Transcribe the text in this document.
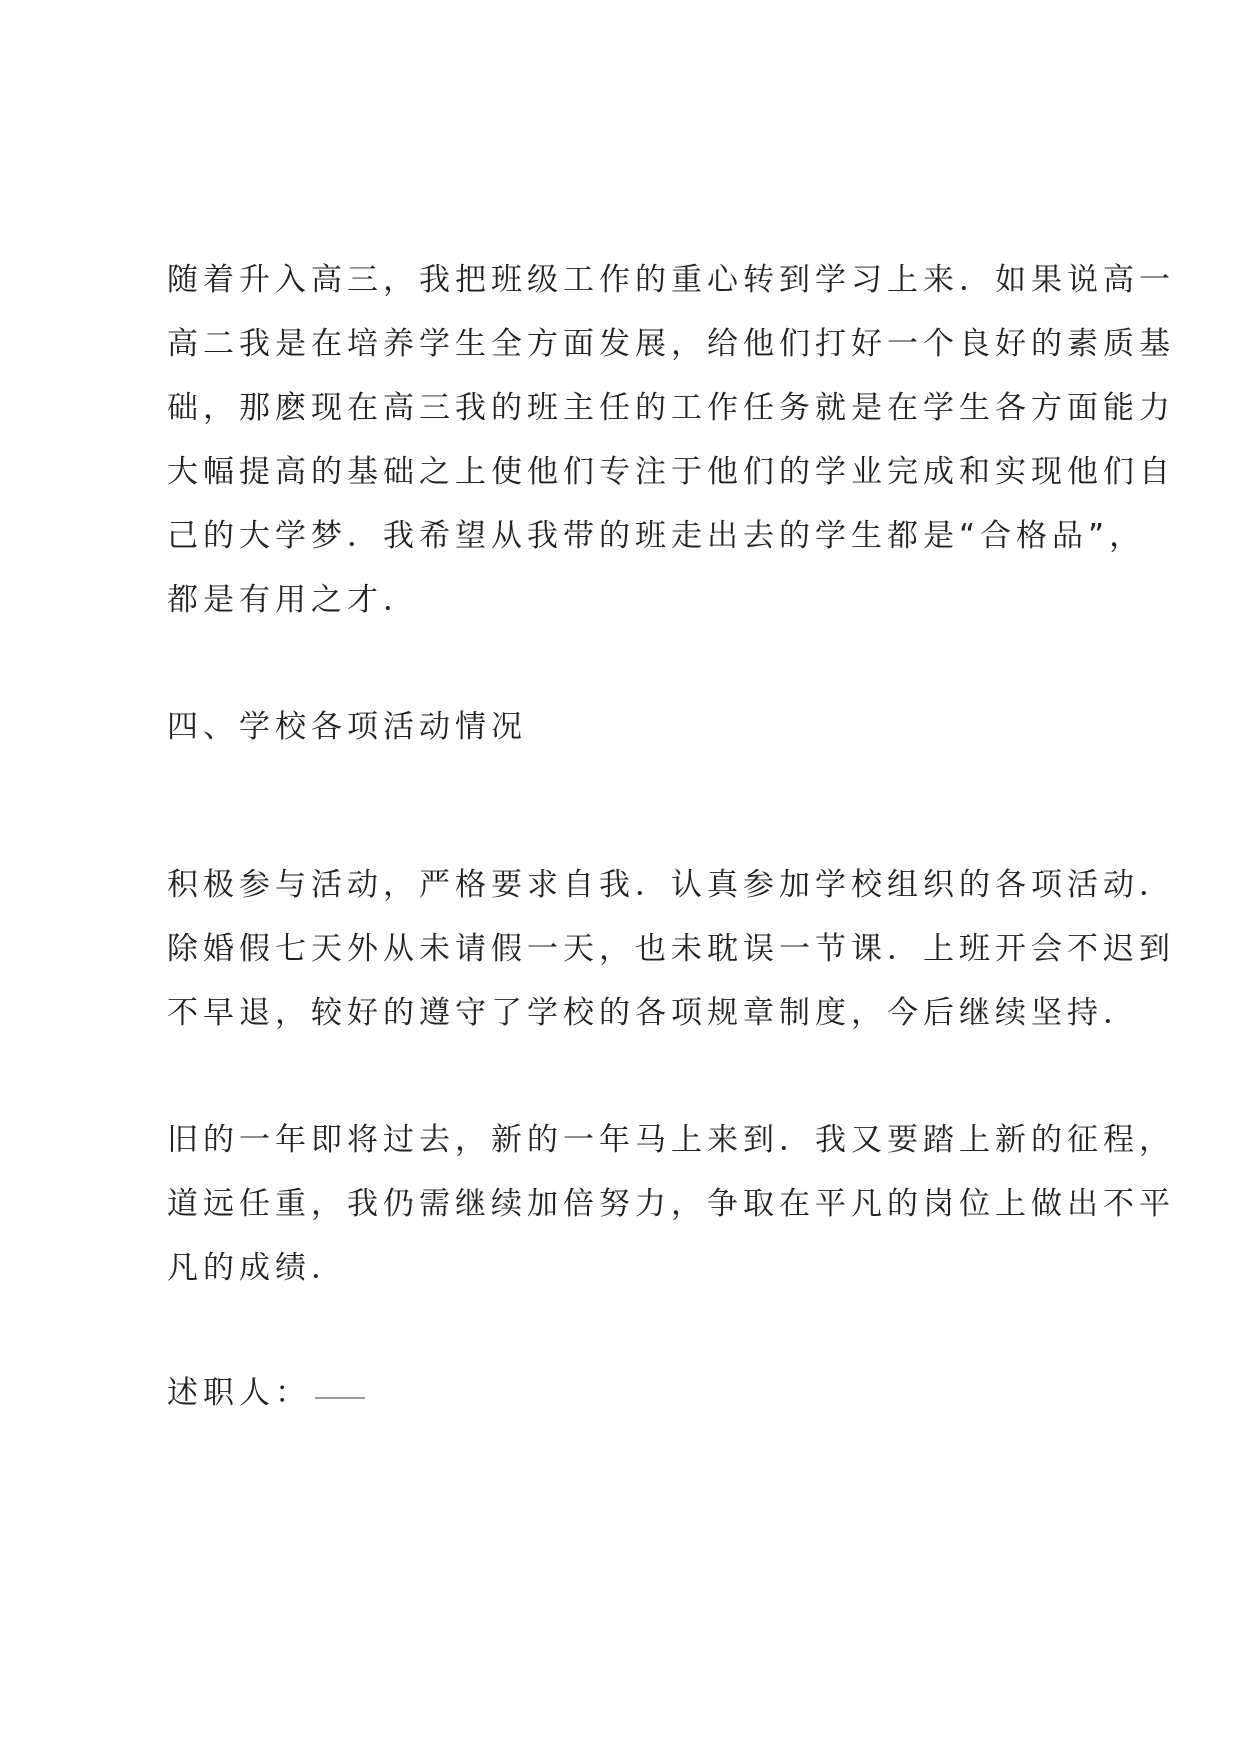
随着升入高三，我把班级工作的重心转到学习上来．如果说高一
高二我是在培养学生全方面发展，给他们打好一个良好的素质基
础，那麽现在高三我的班主任的工作任务就是在学生各方面能力
大幅提高的基础之上使他们专注于他们的学业完成和实现他们自
己的大学梦．我希望从我带的班走出去的学生都是“合格品”，
都是有用之才．
四、学校各项活动情况
积极参与活动，严格要求自我．认真参加学校组织的各项活动．
除婚假七天外从未请假一天，也未耽误一节课．上班开会不迟到
不早退，较好的遵守了学校的各项规章制度，今后继续坚持．
旧的一年即将过去，新的一年马上来到．我又要踏上新的征程，
道远任重，我仍需继续加倍努力，争取在平凡的岗位上做出不平
凡的成绩．
述职人：
